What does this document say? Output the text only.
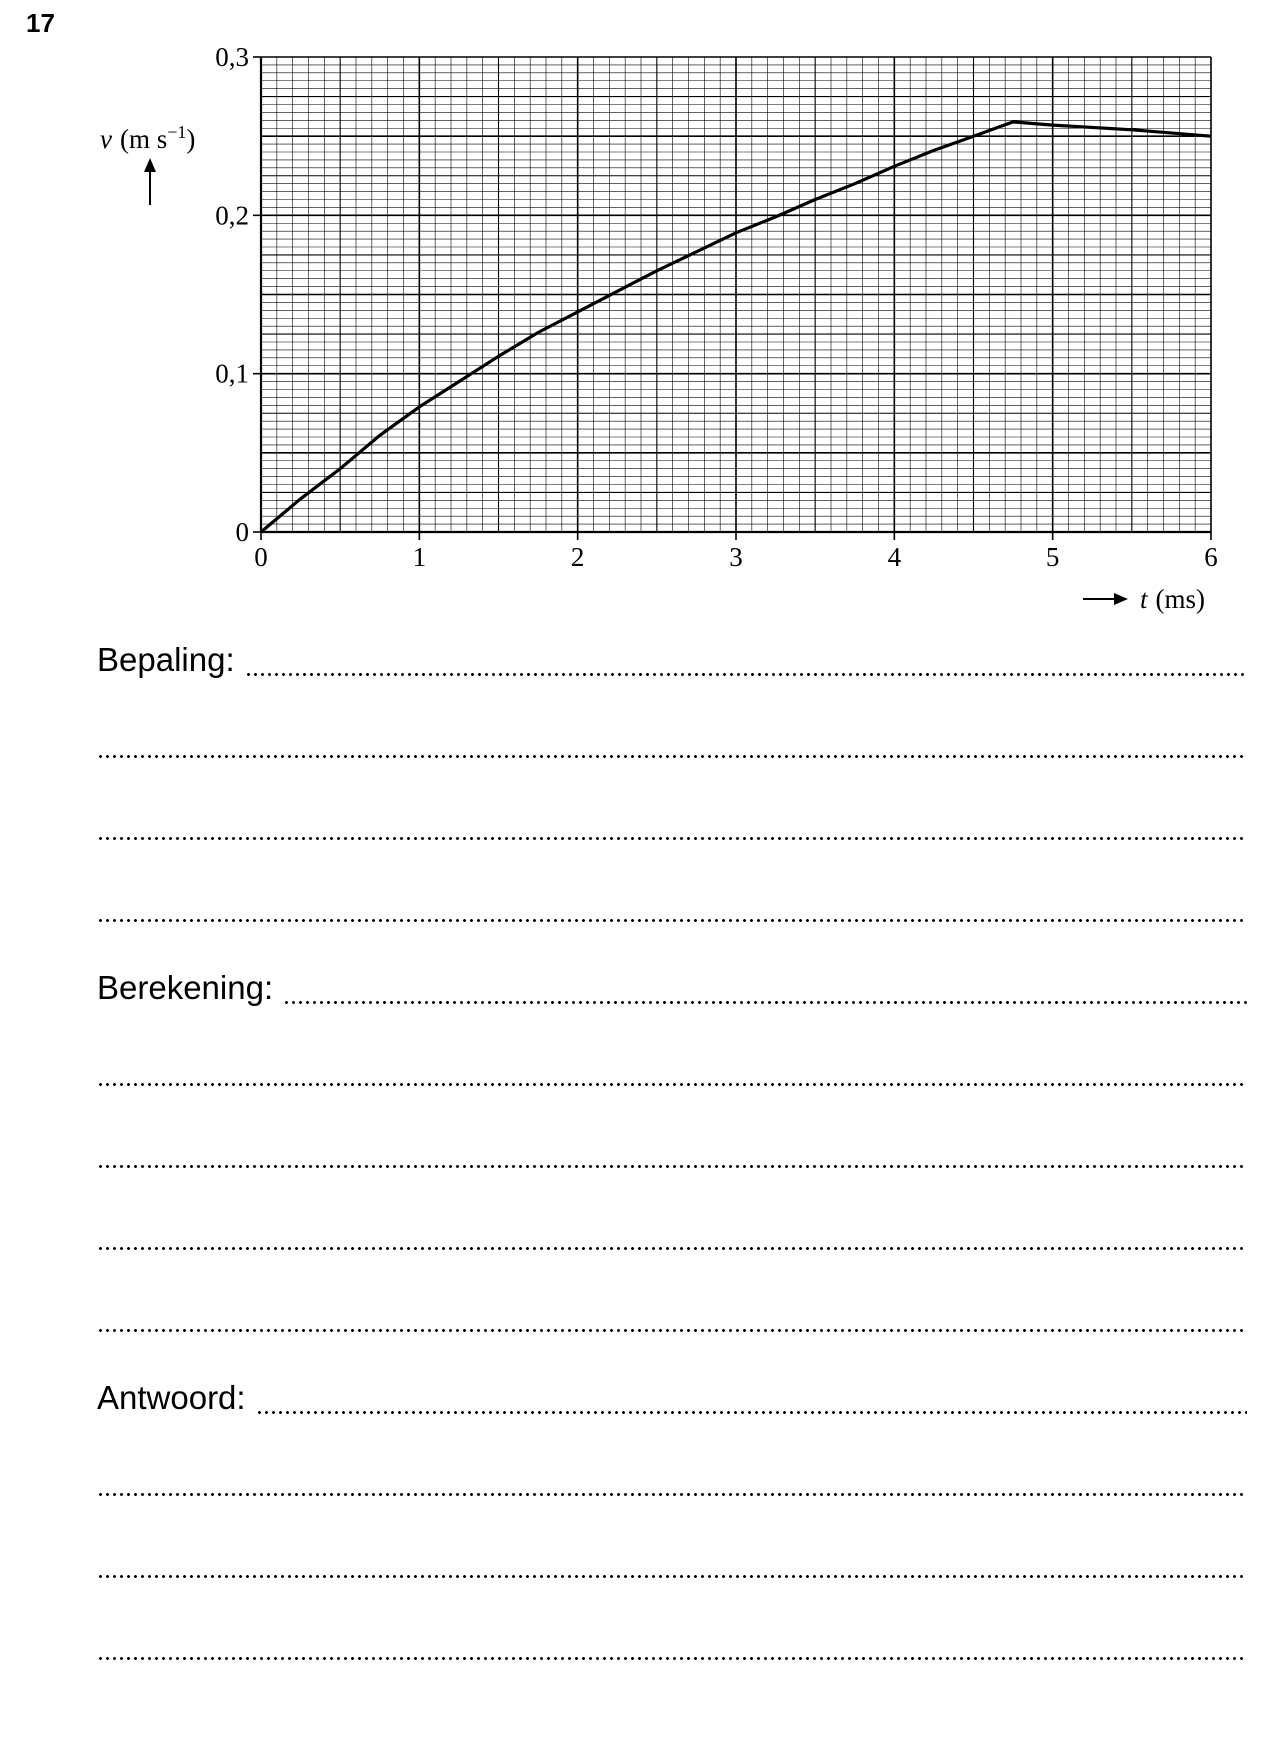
17
0	1	2	3	4	5	6
0
0,1
0,2
0,3
v (m $s^{-1}$)
t (ms)
Bepaling:
Berekening:
Antwoord:
